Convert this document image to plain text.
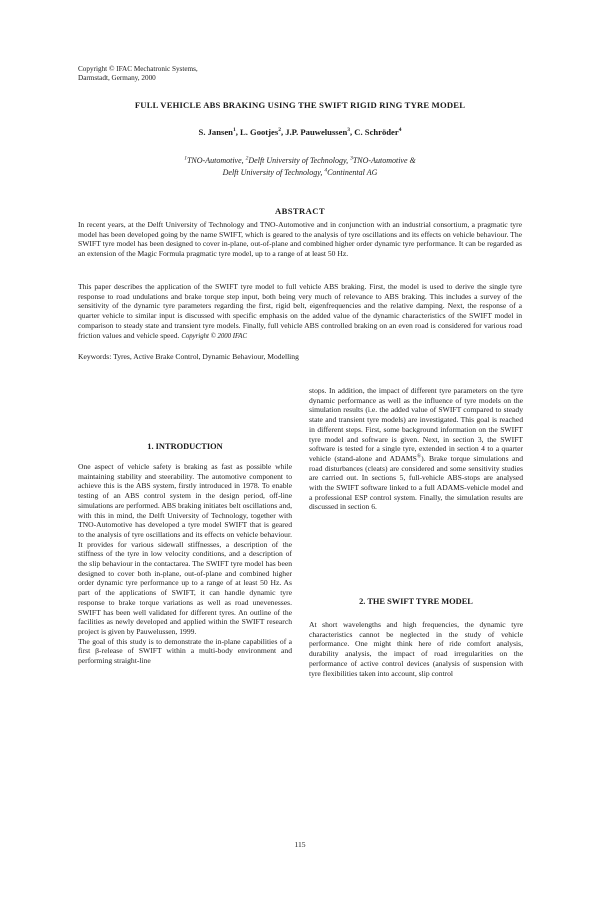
Copyright © IFAC Mechatronic Systems,
Darmstadt, Germany, 2000
FULL VEHICLE ABS BRAKING USING THE SWIFT RIGID RING TYRE MODEL
S. Jansen$^1$, L. Gootjes$^2$, J.P. Pauwelussen$^3$, C. Schröder$^4$
$^1$TNO-Automotive, $^2$Delft University of Technology, $^3$TNO-Automotive &
Delft University of Technology, $^4$Continental AG
ABSTRACT
In recent years, at the Delft University of Technology and TNO-Automotive and in conjunction with an industrial consortium, a pragmatic tyre model has been developed going by the name SWIFT, which is geared to the analysis of tyre oscillations and its effects on vehicle behaviour. The SWIFT tyre model has been designed to cover in-plane, out-of-plane and combined higher order dynamic tyre performance. It can be regarded as an extension of the Magic Formula pragmatic tyre model, up to a range of at least 50 Hz.
This paper describes the application of the SWIFT tyre model to full vehicle ABS braking. First, the model is used to derive the single tyre response to road undulations and brake torque step input, both being very much of relevance to ABS braking. This includes a survey of the sensitivity of the dynamic tyre parameters regarding the first, rigid belt, eigenfrequencies and the relative damping. Next, the response of a quarter vehicle to similar input is discussed with specific emphasis on the added value of the dynamic characteristics of the SWIFT model in comparison to steady state and transient tyre models. Finally, full vehicle ABS controlled braking on an even road is considered for various road friction values and vehicle speed. Copyright © 2000 IFAC
Keywords: Tyres, Active Brake Control, Dynamic Behaviour, Modelling
1. INTRODUCTION

One aspect of vehicle safety is braking as fast as possible while maintaining stability and steerability. The automotive component to achieve this is the ABS system, firstly introduced in 1978. To enable testing of an ABS control system in the design period, off-line simulations are performed. ABS braking initiates belt oscillations and, with this in mind, the Delft University of Technology, together with TNO-Automotive has developed a tyre model SWIFT that is geared to the analysis of tyre oscillations and its effects on vehicle behaviour. It provides for various sidewall stiffnesses, a description of the stiffness of the tyre in low velocity conditions, and a description of the slip behaviour in the contactarea. The SWIFT tyre model has been designed to cover both in-plane, out-of-plane and combined higher order dynamic tyre performance up to a range of at least 50 Hz. As part of the applications of SWIFT, it can handle dynamic tyre response to brake torque variations as well as road unevenesses. SWIFT has been well validated for different tyres. An outline of the facilities as newly developed and applied within the SWIFT research project is given by Pauwelussen, 1999.

The goal of this study is to demonstrate the in-plane capabilities of a first β-release of SWIFT within a multi-body environment and performing straight-line

stops. In addition, the impact of different tyre parameters on the tyre dynamic performance as well as the influence of tyre models on the simulation results (i.e. the added value of SWIFT compared to steady state and transient tyre models) are investigated. This goal is reached in different steps. First, some background information on the SWIFT tyre model and software is given. Next, in section 3, the SWIFT software is tested for a single tyre, extended in section 4 to a quarter vehicle (stand-alone and ADAMS®). Brake torque simulations and road disturbances (cleats) are considered and some sensitivity studies are carried out. In sections 5, full-vehicle ABS-stops are analysed with the SWIFT software linked to a full ADAMS-vehicle model and a professional ESP control system. Finally, the simulation results are discussed in section 6.
2. THE SWIFT TYRE MODEL
At short wavelengths and high frequencies, the dynamic tyre characteristics cannot be neglected in the study of vehicle performance. One might think here of ride comfort analysis, durability analysis, the impact of road irregularities on the performance of active control devices (analysis of suspension with tyre flexibilities taken into account, slip control
115
